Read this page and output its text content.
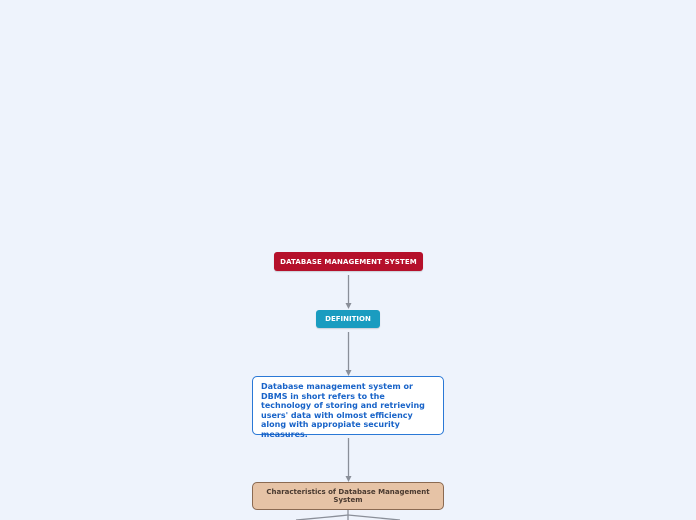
DATABASE MANAGEMENT SYSTEM
DEFINITION
Database management system or DBMS in short refers to the technology of storing and retrieving users' data with olmost efficiency along with appropiate security measures.
Characteristics of Database Management System
